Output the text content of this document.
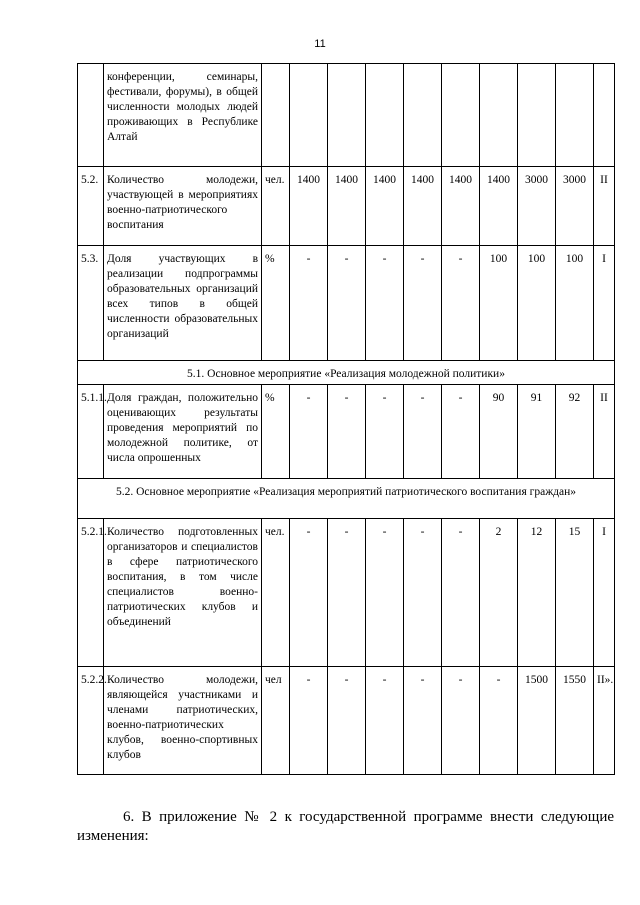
11
	конференции, семинары, фестивали, форумы), в общей численности молодых людей проживающих в Республике Алтай										
5.2.	Количество молодежи, участвующей в мероприятиях военно-патриотического воспитания	чел.	1400	1400	1400	1400	1400	1400	3000	3000	II
5.3.	Доля участвующих в реализации подпрограммы образовательных организаций всех типов в общей численности образовательных организаций	%	-	-	-	-	-	100	100	100	I
5.1. Основное мероприятие «Реализация молодежной политики»											
5.1.1.	Доля граждан, положительно оценивающих результаты проведения мероприятий по молодежной политике, от числа опрошенных	%	-	-	-	-	-	90	91	92	II
5.2. Основное мероприятие «Реализация мероприятий патриотического воспитания граждан»											
5.2.1.	Количество подготовленных организаторов и специалистов в сфере патриотического воспитания, в том числе специалистов военно-патриотических клубов и объединений	чел.	-	-	-	-	-	2	12	15	I
5.2.2.	Количество молодежи, являющейся участниками и членами патриотических, военно-патриотических клубов, военно-спортивных клубов	чел	-	-	-	-	-	-	1500	1550	II».
6. В приложение № 2 к государственной программе внести следующие изменения:
